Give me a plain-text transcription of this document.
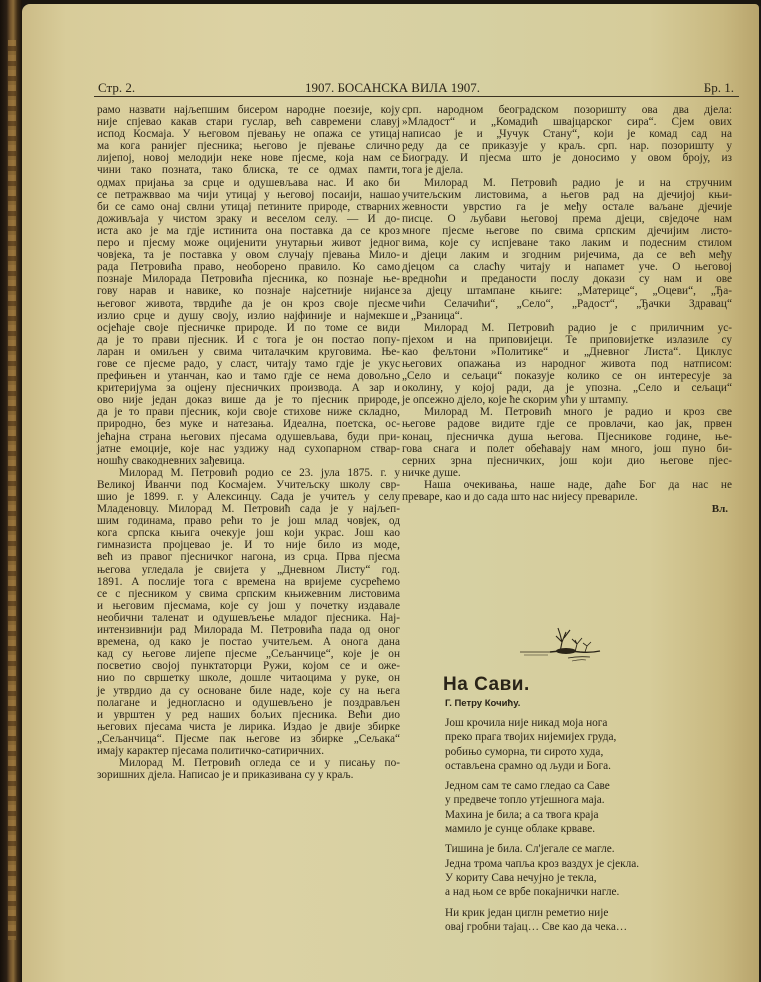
Стр. 2.	1907. БОСАНСКА ВИЛА 1907.	Бр. 1.

рамо назвати најљепшим бисером народне поезије, коју

није спјевао какав стари гуслар, већ савремени славуј

испод Космаја. У његовом пјевању не опажа се утицај

ма кога ранијег пјесника; његово је пјевање слично

лијепој, новој мелодији неке нове пјесме, која нам се

чини тако позната, тако блиска, те се одмах памти,

одмах пријања за срце и одушевљава нас. И ако би

се петражввао ма чији утицај у његовој посаији, нашао

би се само онај свлни утицај петините природе, стварних

доживљаја у чистом зраку и веселом селу. — И до-

иста ако је ма гдје истинита она поставка да се кроз

перо и пјесму може оцијенити унутарњи живот једног

човјека, та је поставка у овом случају пјевања Мило-

рада Петровића право, необорено правило. Ко само

познаје Милорада Петровића пјесника, ко познаје ње-

гову нарав и навике, ко познаје најсетније нијансе

његовог живота, тврдиће да је он кроз своје пјесме

излио срце и душу своју, излио најфиније и најмекше

осјећаје своје пјесничке природе. И по томе се види

да је то прави пјесник. И с тога је он постао попу-

ларан и омиљен у свима читалачким круговима. Ње-

гове се пјесме радо, у сласт, читају тамо гдје је укус

префињен и утанчан, као и тамо гдје се нема довољно

критеријума за оцјену пјесничких производа. А зар и

ово није један доказ више да је то пјесник природе,

да је то прави пјесник, који своје стихове ниже складно,

природно, без муке и натезања. Идеална, поетска, ос-

јећајна страна његових пјесама одушевљава, буди при-

јатне емоције, које нас уздижу над сухопарном ствар-

ношћу свакодневних зађевица.

Милорад М. Петровић родио се 23. јула 1875. г. у

Великој Иванчи под Космајем. Учитељску школу свр-

шио је 1899. г. у Алексинцу. Сада је учитељ у селу

Младеновцу. Милорад М. Петровић сада је у најљеп-

шим годинама, право рећи то је још млад човјек, од

кога српска књига очекује још који украс. Још као

гимназиста пројцевао је. И то није било из моде,

већ из правог пјесничког нагона, из срца. Прва пјесма

његова угледала је свијета у „Дневном Листу“ год.

1891. А послије тога с времена на вријеме сусрећемо

се с пјесником у свима српским књижевним листовима

и његовим пјесмама, које су још у почетку издавале

необични таленат и одушевљење младог пјесника. Нај-

интензивнији рад Милорада М. Петровића пада од оног

времена, од како је постао учитељем. А онога дана

кад су његове лијепе пјесме „Сељанчице“, које је он

посветио својој пунктаторци Ружи, којом се и оже-

нио по свршетку школе, дошле читаоцима у руке, он

је утврдио да су основане биле наде, које су на њега

полагане и једногласно и одушевљено је поздрављен

и уврштен у ред наших бољих пјесника. Већи дио

његових пјесама чиста је лирика. Издао је двије збирке

„Сељанчица“. Пјесме пак његове из збирке „Сељака“

имају карактер пјесама политичко-сатиричних.

Милорад М. Петровић огледа се и у писању по-

зоришних дјела. Написао је и приказивана су у краљ.

срп. народном београдском позоришту ова два дјела:

»Младост“ и „Комадић швајцарског сира“. Сјем ових

написао је и „Чучук Стану“, који је комад сад на

реду да се приказује у краљ. срп. нар. позоришту у

Биограду. И пјесма што је доносимо у овом броју, из

тога је дјела.

Милорад М. Петровић радио је и на стручним

учитељским листовима, а његов рад на дјечијој књи-

жевности уврстио га је међу остале ваљане дјечије

писце. О љубави његовој према дјеци, свједоче нам

многе пјесме његове по свима српским дјечијим листо-

вима, које су испјеване тако лаким и подесним стилом

и дјеци лаким и згодним ријечима, да се већ међу

дјецом са сласћу читају и напамет уче. О његовој

вредноћи и преданости послу докази су нам и ове

за дјецу штампане књиге: „Материце“, „Оцеви“, „Ђа-

чићи Селачићи“, „Село“, „Радост“, „Ђачки Здравац“

и „Рзаница“.

Милорад М. Петровић радио је с приличним ус-

пјехом и на приповијеци. Те приповијетке излазиле су

као фељтони »Политике“ и „Дневног Листа“. Циклус

његових опажања из народног живота под натписом:

„Село и сељаци“ показује колико се он интересује за

околину, у којој ради, да је упозна. „Село и сељаци“

је опсежно дјело, које ће скорим ући у штампу.

Милорад М. Петровић много је радио и кроз све

његове радове видите гдје се провлачи, као јак, првен

конац, пјесничка душа његова. Пјесникове године, ње-

гова снага и полет обећавају нам много, још пуно би-

серних зрна пјесничких, још који дио његове пјес-

ничке душе.

Наша очекивања, наше наде, даће Бог да нас не

преваре, као и до сада што нас нијесу превариле.

Вл.
На Сави.
Г. Петру Кочићу.
Још крочила није никад моја нога
преко прага твојих нијемијех груда,
робињо суморна, ти сирото худа,
остављена срамно од људи и Бога.
Једном сам те само гледао са Саве
у предвече топло утјешнога маја.
Махина је била; а са твога краја
мамило је сунце облаке крваве.
Тишина је била. Сл'јегале се магле.
Једна трома чапља кроз ваздух је сјекла.
У кориту Сава нечујно је текла,
а над њом се врбе покајнички нагле.
Ни крик један циглн реметио није
овај гробни тајац… Све као да чека…
